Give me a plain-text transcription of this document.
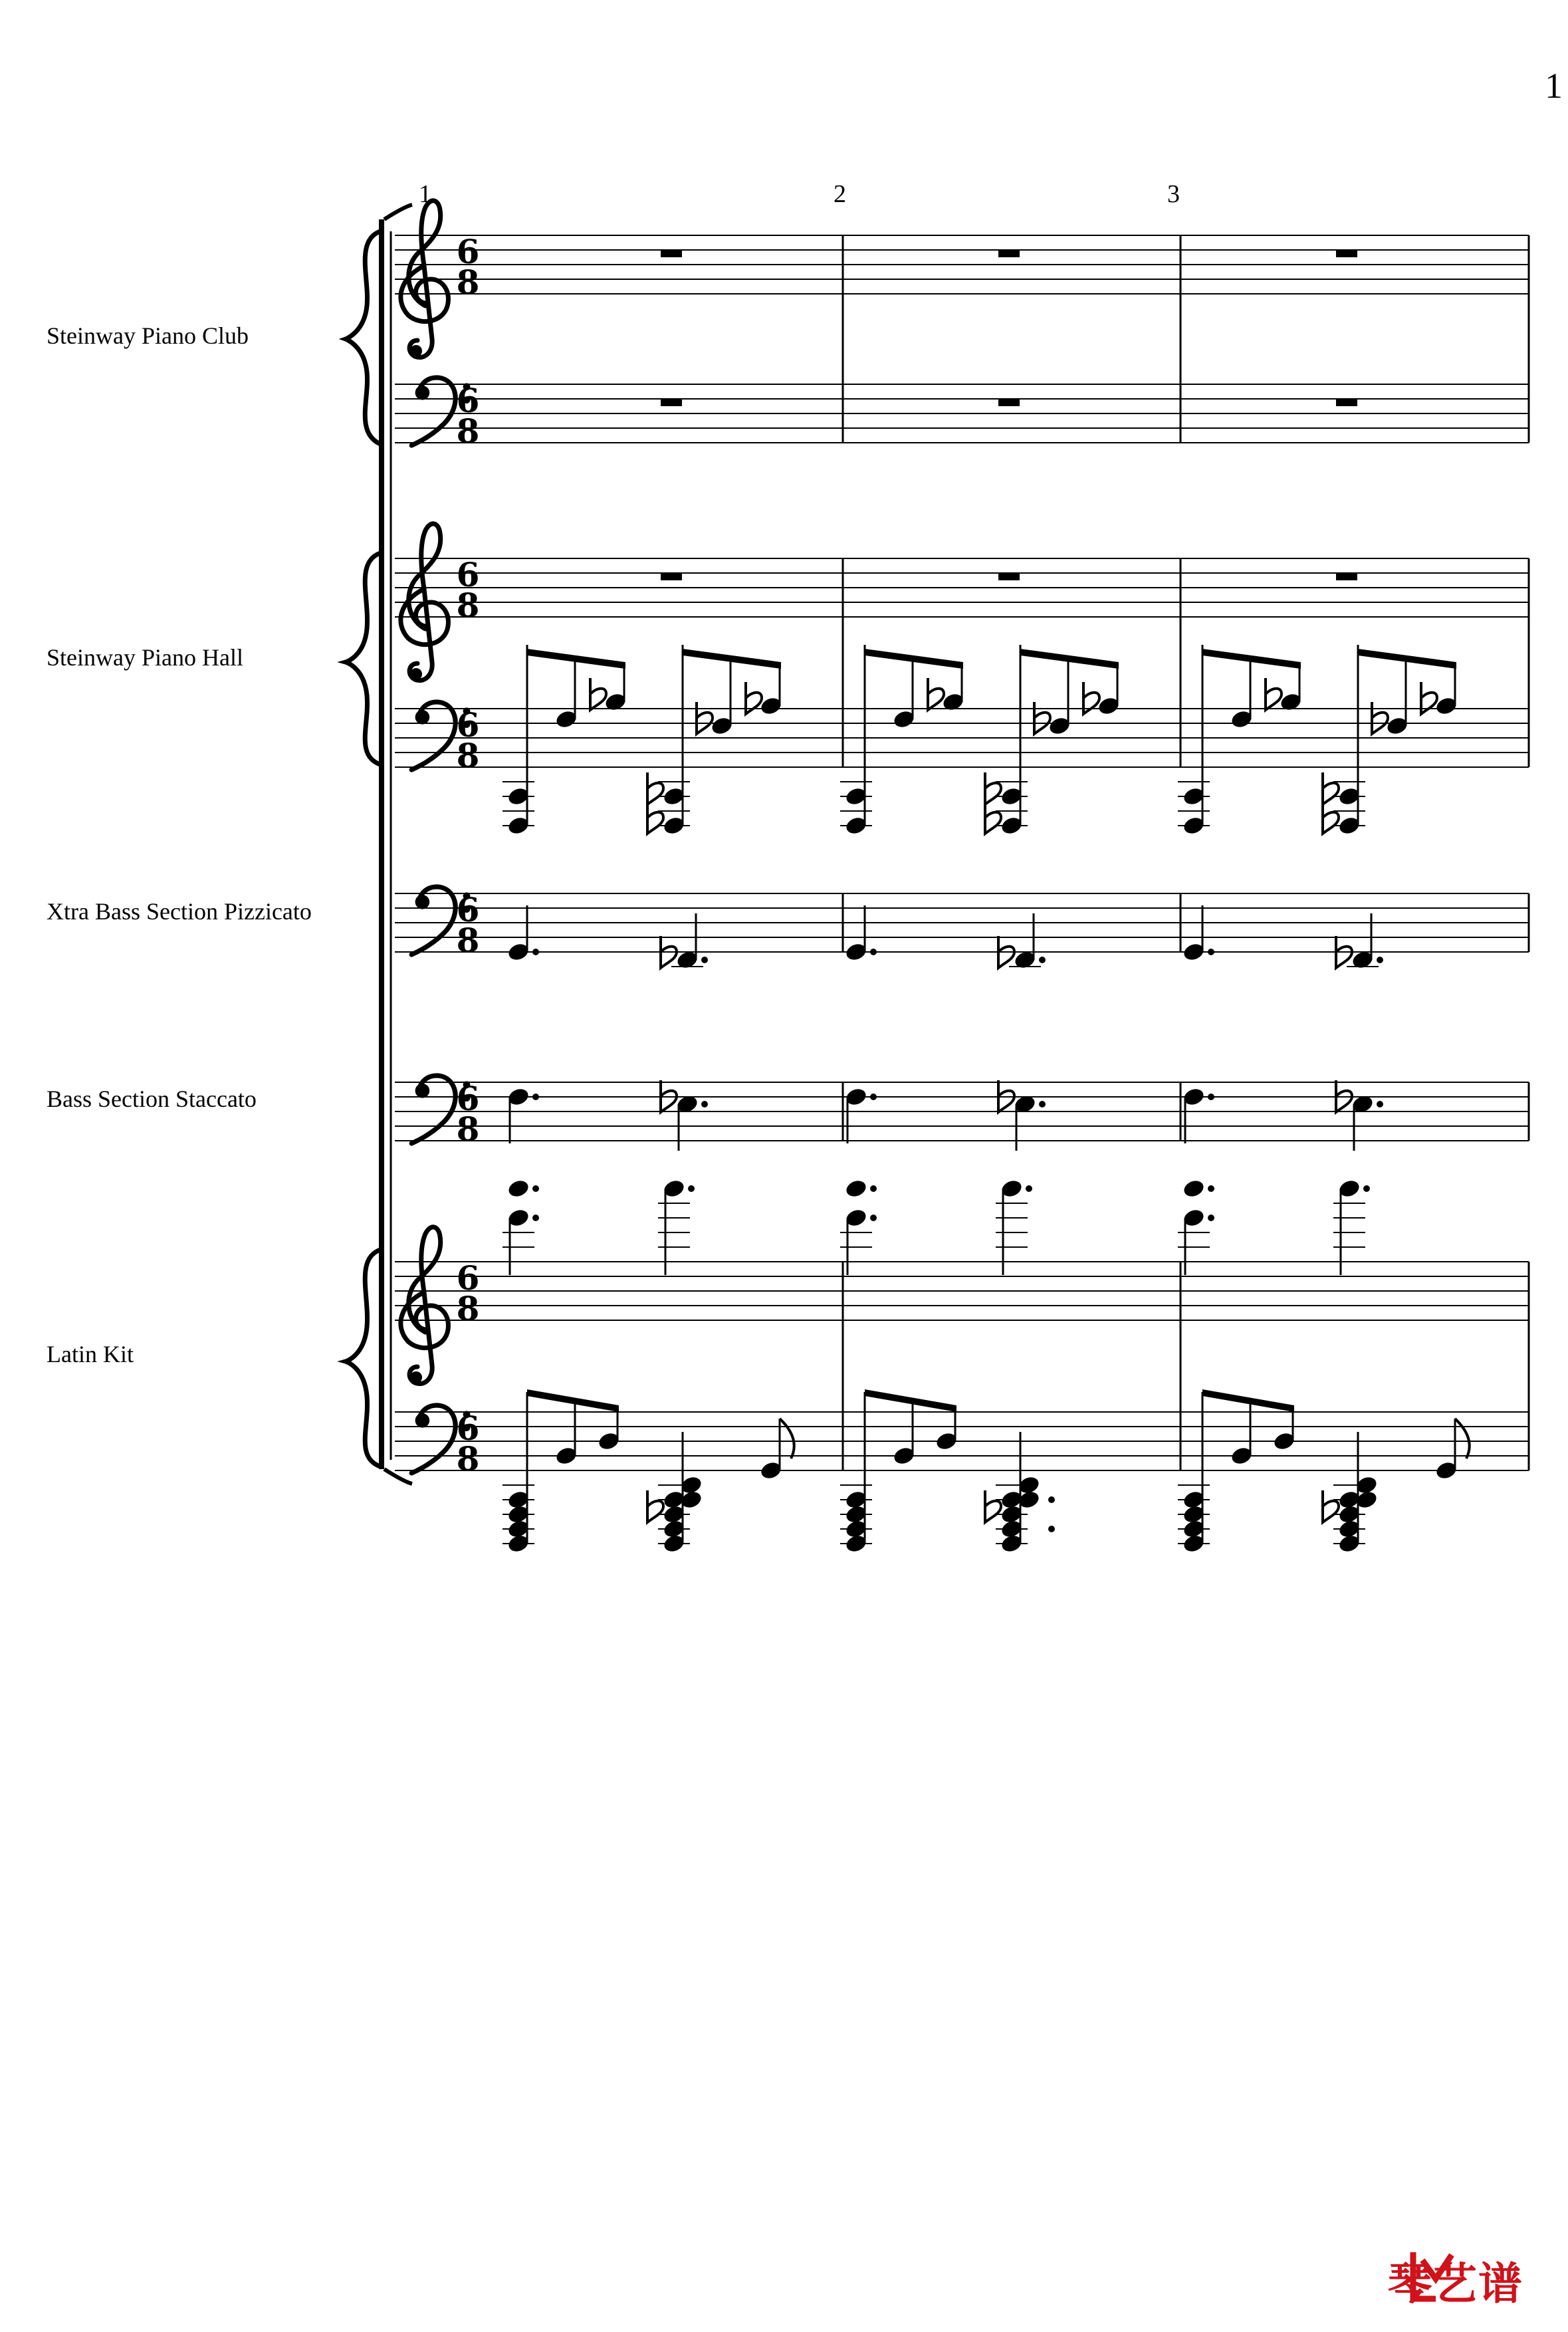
6
8
6
8
6
8
6
8
6
8
6
8
6
8
6
8
1	2	3
1
Steinway Piano Club
Steinway Piano Hall
Xtra Bass Section Pizzicato
Bass Section Staccato
Latin Kit
琴艺谱
